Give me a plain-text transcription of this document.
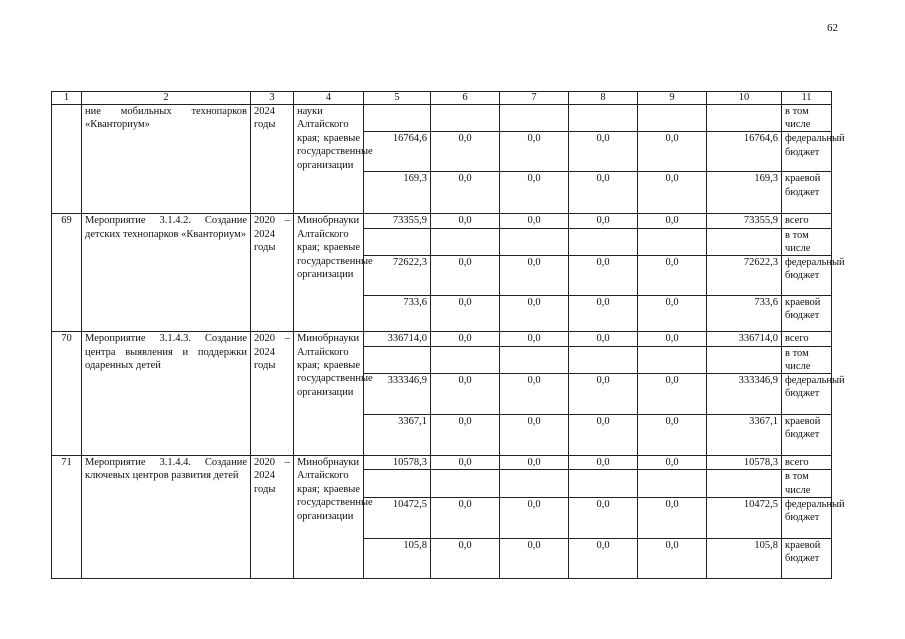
62
1	2	3	4	5	6	7	8	9	10	11
	ние мобильных технопарков «Кванториум»	2024 годы	науки Алтайского края; краевые государственные организации							в том числе
				16764,6	0,0	0,0	0,0	0,0	16764,6	федеральный бюджет
				169,3	0,0	0,0	0,0	0,0	169,3	краевой бюджет
69	Мероприятие 3.1.4.2. Создание детских технопарков «Кванториум»	2020 – 2024 годы	Минобрнауки Алтайского края; краевые государственные организации	73355,9	0,0	0,0	0,0	0,0	73355,9	всего
										в том числе
				72622,3	0,0	0,0	0,0	0,0	72622,3	федеральный бюджет
				733,6	0,0	0,0	0,0	0,0	733,6	краевой бюджет
70	Мероприятие 3.1.4.3. Создание центра выявления и поддержки одаренных детей	2020 – 2024 годы	Минобрнауки Алтайского края; краевые государственные организации	336714,0	0,0	0,0	0,0	0,0	336714,0	всего
										в том числе
				333346,9	0,0	0,0	0,0	0,0	333346,9	федеральный бюджет
				3367,1	0,0	0,0	0,0	0,0	3367,1	краевой бюджет
71	Мероприятие 3.1.4.4. Создание ключевых центров развития детей	2020 – 2024 годы	Минобрнауки Алтайского края; краевые государственные организации	10578,3	0,0	0,0	0,0	0,0	10578,3	всего
										в том числе
				10472,5	0,0	0,0	0,0	0,0	10472,5	федеральный бюджет
				105,8	0,0	0,0	0,0	0,0	105,8	краевой бюджет
